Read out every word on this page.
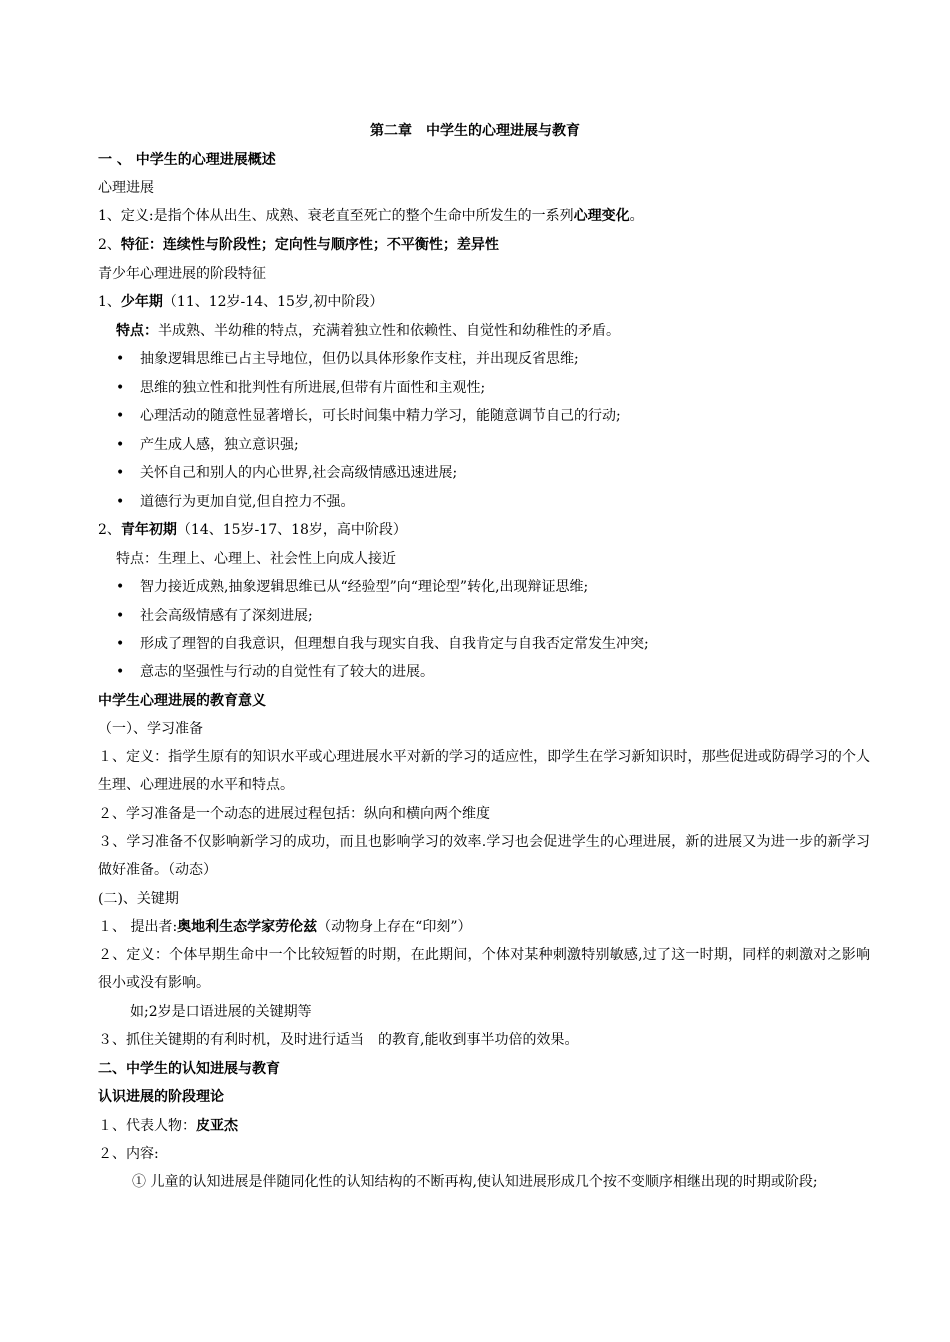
第二章　中学生的心理进展与教育
一 、 中学生的心理进展概述
心理进展
1、定义:是指个体从出生、成熟、衰老直至死亡的整个生命中所发生的一系列心理变化。
2、特征：连续性与阶段性；定向性与顺序性；不平衡性；差异性
青少年心理进展的阶段特征
1、少年期（11、12岁-14、15岁,初中阶段）
特点：半成熟、半幼稚的特点，充满着独立性和依赖性、自觉性和幼稚性的矛盾。
• 抽象逻辑思维已占主导地位，但仍以具体形象作支柱，并出现反省思维;
• 思维的独立性和批判性有所进展,但带有片面性和主观性;
• 心理活动的随意性显著增长，可长时间集中精力学习，能随意调节自己的行动;
• 产生成人感，独立意识强;
• 关怀自己和别人的内心世界,社会高级情感迅速进展;
• 道德行为更加自觉,但自控力不强。
2、青年初期（14、15岁-17、18岁，高中阶段）
特点：生理上、心理上、社会性上向成人接近
• 智力接近成熟,抽象逻辑思维已从“经验型”向“理论型”转化,出现辩证思维;
• 社会高级情感有了深刻进展;
• 形成了理智的自我意识，但理想自我与现实自我、自我肯定与自我否定常发生冲突;
• 意志的坚强性与行动的自觉性有了较大的进展。
中学生心理进展的教育意义
（一）、学习准备
１、定义：指学生原有的知识水平或心理进展水平对新的学习的适应性，即学生在学习新知识时，那些促进或防碍学习的个人生理、心理进展的水平和特点。
２、学习准备是一个动态的进展过程包括：纵向和横向两个维度
３、学习准备不仅影响新学习的成功，而且也影响学习的效率.学习也会促进学生的心理进展，新的进展又为进一步的新学习做好准备。（动态）
(二)、关键期
１、 提出者:奥地利生态学家劳伦兹（动物身上存在“印刻”）
２、定义：个体早期生命中一个比较短暂的时期，在此期间，个体对某种刺激特别敏感,过了这一时期，同样的刺激对之影响很小或没有影响。
如;2岁是口语进展的关键期等
３、抓住关键期的有利时机，及时进行适当　的教育,能收到事半功倍的效果。
二、中学生的认知进展与教育
认识进展的阶段理论
１、代表人物：皮亚杰
２、内容:
① 儿童的认知进展是伴随同化性的认知结构的不断再构,使认知进展形成几个按不变顺序相继出现的时期或阶段;
